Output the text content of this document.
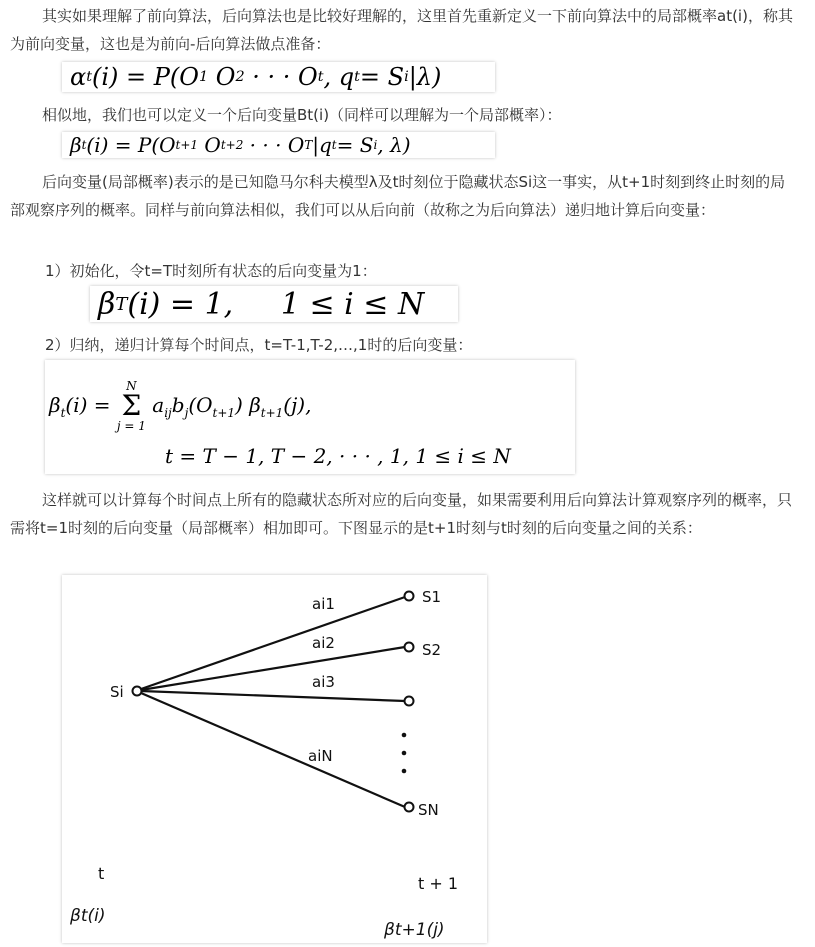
其实如果理解了前向算法，后向算法也是比较好理解的，这里首先重新定义一下前向算法中的局部概率at(i)，称其为前向变量，这也是为前向-后向算法做点准备：

α t (i) = P(O 1 O 2 · · · O t , q t = S i |λ)

相似地，我们也可以定义一个后向变量Bt(i)（同样可以理解为一个局部概率）：

β t (i) = P(O t+1 O t+2 · · · O T |q t = S i , λ)

后向变量(局部概率)表示的是已知隐马尔科夫模型λ及t时刻位于隐藏状态Si这一事实，从t+1时刻到终止时刻的局部观察序列的概率。同样与前向算法相似，我们可以从后向前（故称之为后向算法）递归地计算后向变量：

1）初始化，令t=T时刻所有状态的后向变量为1：
β T (i) = 1,     1 ≤ i ≤ N
2）归纳，递归计算每个时间点，t=T-1,T-2,…,1时的后向变量：
$\beta_t(i)$ =
N
Σ
j = 1
$a_{ij}b_j(O_{t+1})$ $\beta_{t+1}(j)$,
t = T − 1, T − 2, · · · , 1, 1 ≤ i ≤ N

这样就可以计算每个时间点上所有的隐藏状态所对应的后向变量，如果需要利用后向算法计算观察序列的概率，只需将t=1时刻的后向变量（局部概率）相加即可。下图显示的是t+1时刻与t时刻的后向变量之间的关系：

Si
S1
S2
SN
ai1
ai2
ai3
aiN
t
t + 1
βt(i)
βt+1(j)
